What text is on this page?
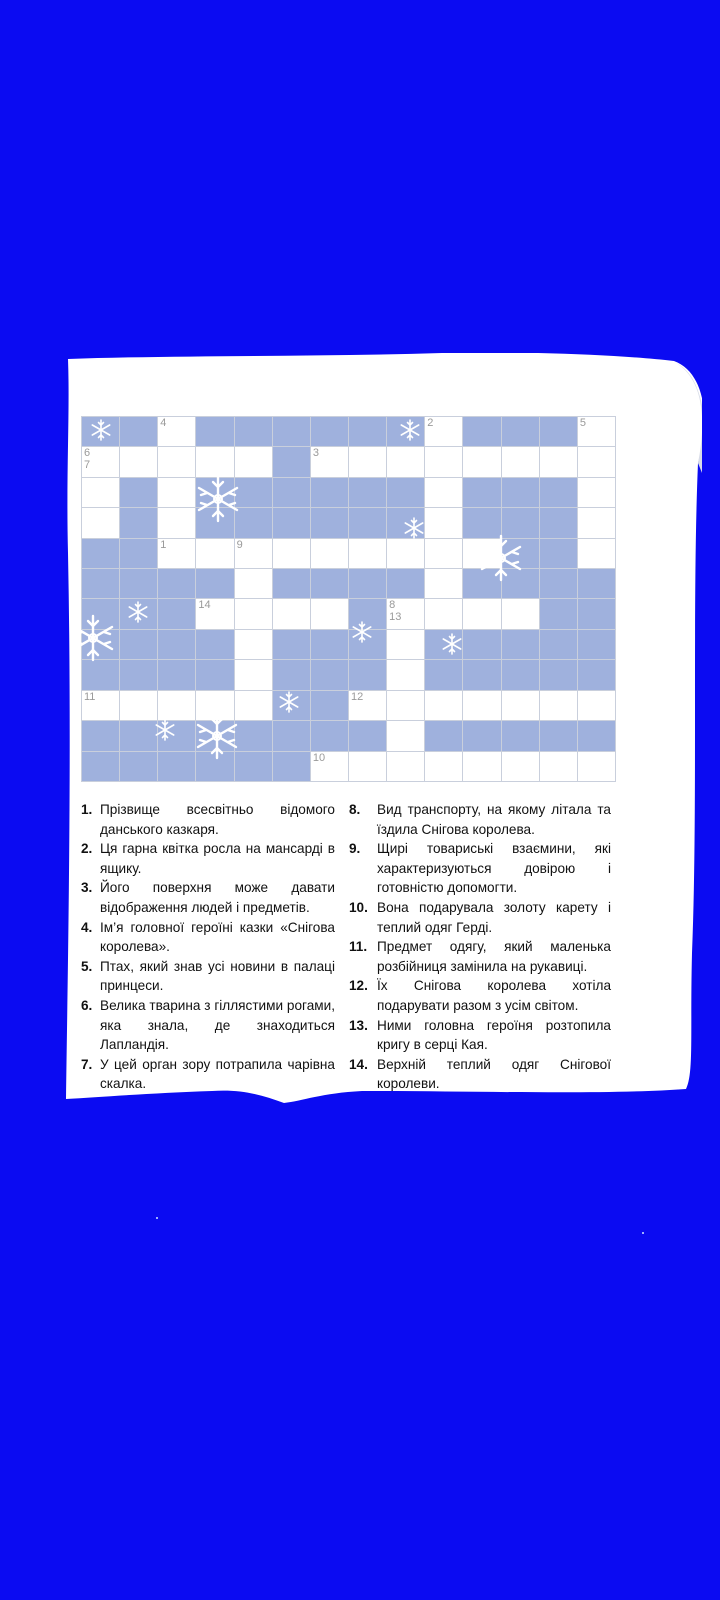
4	2	5
6
7
3
1	9
14	8
13
11	12
10
1. Прізвище всесвітньо відомого данського казкаря.
2. Ця гарна квітка росла на мансарді в ящику.
3. Його поверхня може давати відображення людей і предметів.
4. Ім’я головної героїні казки «Снігова королева».
5. Птах, який знав усі новини в палаці принцеси.
6. Велика тварина з гіллястими рогами, яка знала, де знаходиться Лапландія.
7. У цей орган зору потрапила чарівна скалка.
8.	Вид транспорту, на якому літала та їздила Снігова королева.
9.	Щирі товариські взаємини, які характеризуються довірою і готовністю допомогти.
10. Вона подарувала золоту карету і теплий одяг Герді.
11. Предмет одягу, який маленька розбійниця замінила на рукавиці.
12. Їх Снігова королева хотіла подарувати разом з усім світом.
13. Ними головна героїня розтопила кригу в серці Кая.
14. Верхній теплий одяг Снігової королеви.
